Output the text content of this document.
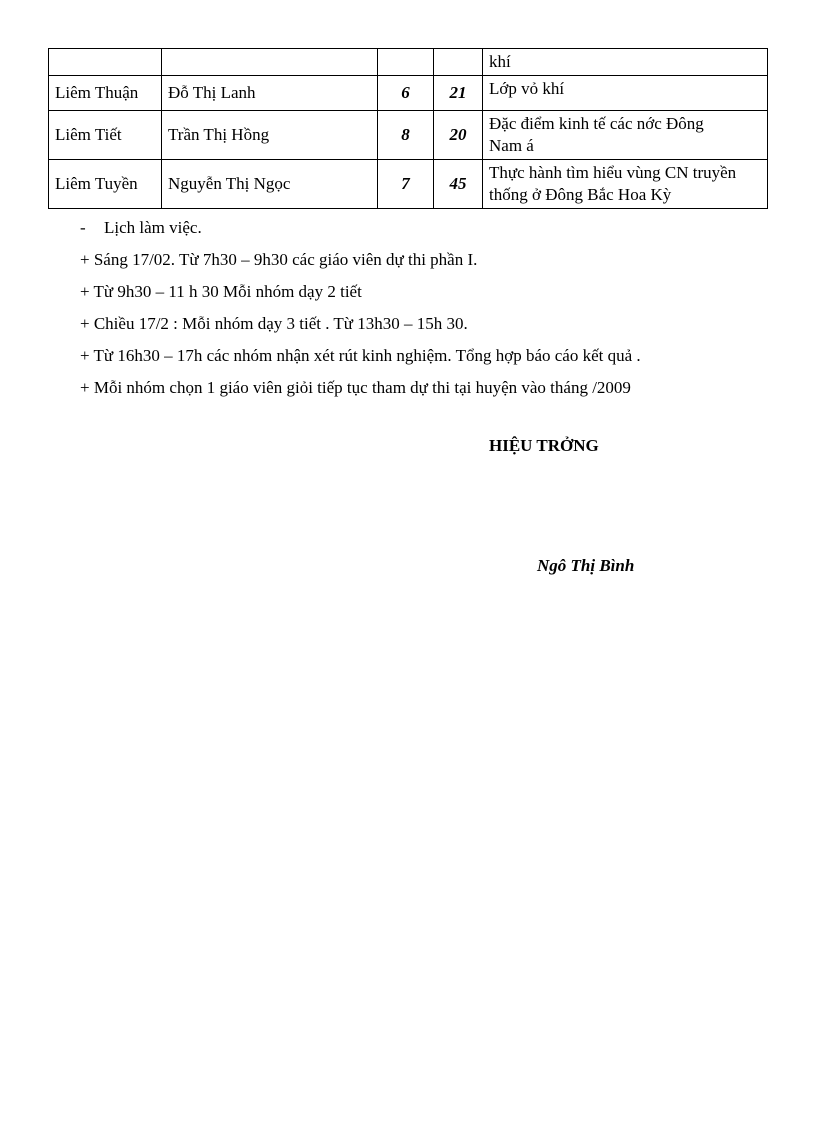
				khí

Liêm Thuận	Đỗ Thị Lanh	6	21	Lớp vỏ khí

Liêm Tiết	Trần Thị Hồng	8	20	Đặc điểm kinh tế các nớc Đông
Nam á

Liêm Tuyền	Nguyễn Thị Ngọc	7	45	Thực hành tìm hiểu vùng CN truyền
thống ở Đông Bắc Hoa Kỳ
- Lịch làm việc.
+ Sáng 17/02. Từ 7h30 – 9h30 các giáo viên dự thi phần I.
+ Từ 9h30 – 11 h 30 Mỗi nhóm dạy 2 tiết
+ Chiều 17/2 : Mỗi nhóm dạy 3 tiết . Từ 13h30 – 15h 30.
+ Từ 16h30 – 17h các nhóm nhận xét rút kinh nghiệm. Tổng hợp báo cáo kết quả .
+ Mỗi nhóm chọn 1 giáo viên giỏi tiếp tục tham dự thi tại huyện vào tháng /2009
HIỆU TRỞNG
Ngô Thị Bình
